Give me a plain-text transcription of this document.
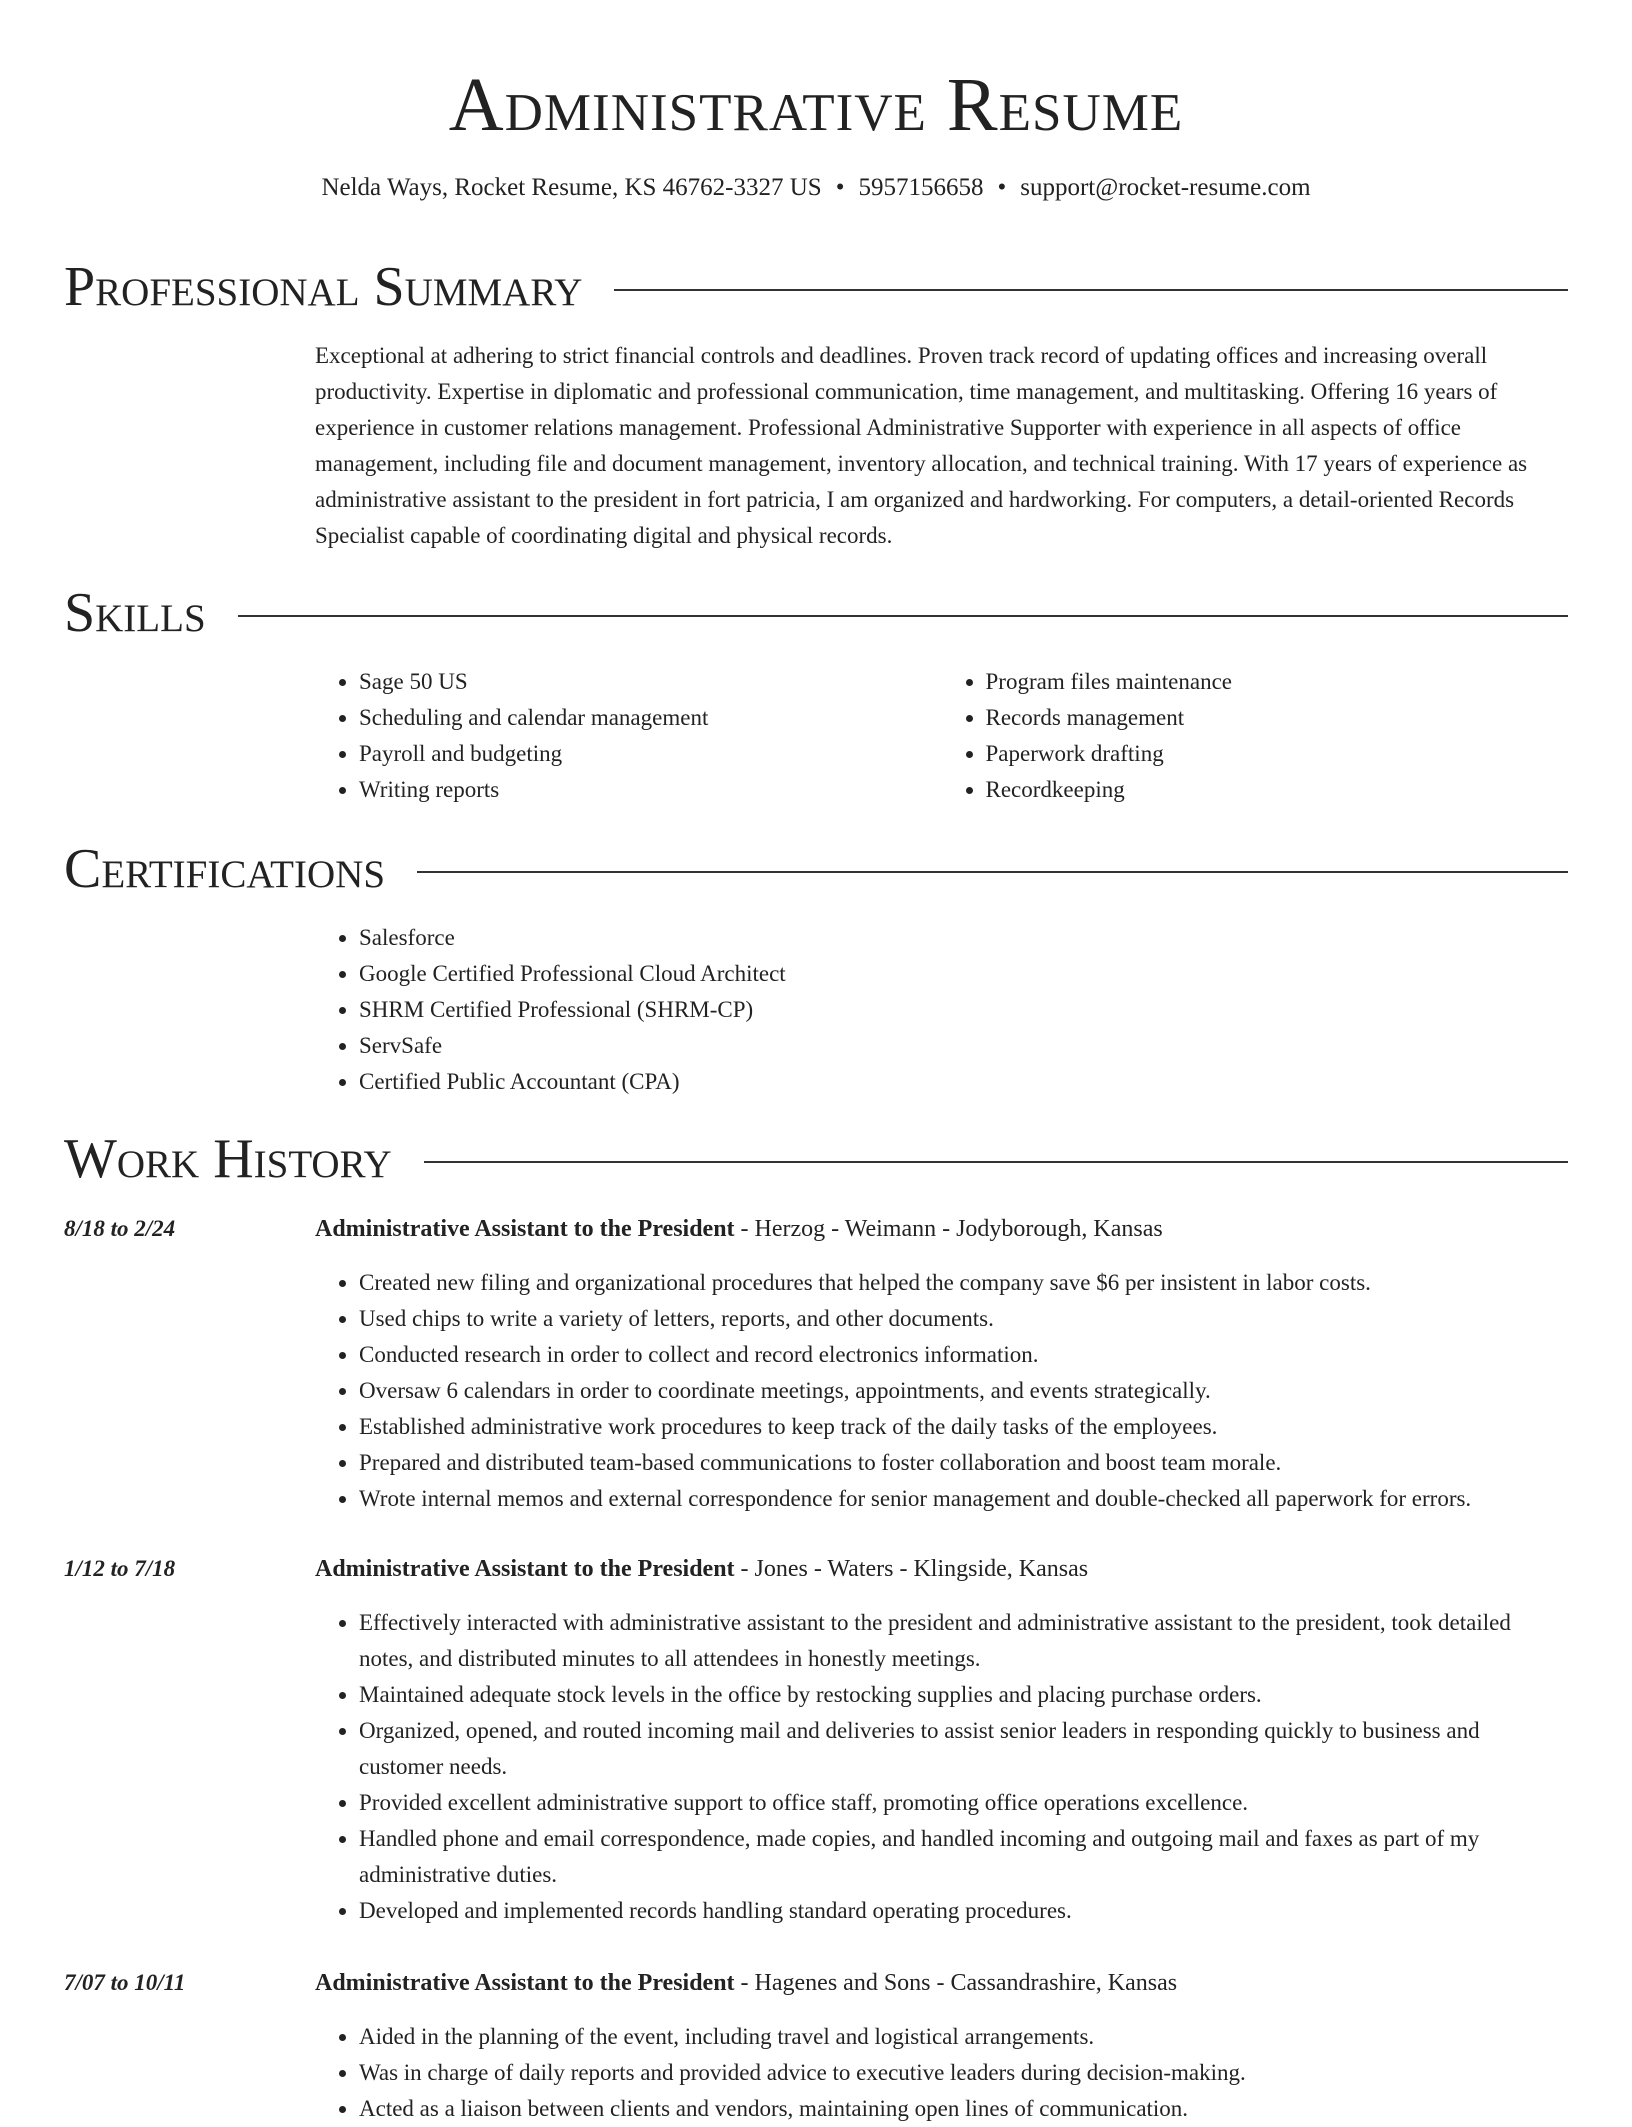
Administrative Resume
Nelda Ways, Rocket Resume, KS 46762-3327 US • 5957156658 • support@rocket-resume.com
Professional Summary
Exceptional at adhering to strict financial controls and deadlines. Proven track record of updating offices and increasing overall productivity. Expertise in diplomatic and professional communication, time management, and multitasking. Offering 16 years of experience in customer relations management. Professional Administrative Supporter with experience in all aspects of office management, including file and document management, inventory allocation, and technical training. With 17 years of experience as administrative assistant to the president in fort patricia, I am organized and hardworking. For computers, a detail-oriented Records Specialist capable of coordinating digital and physical records.
Skills
• Sage 50 US
• Scheduling and calendar management
• Payroll and budgeting
• Writing reports
• Program files maintenance
• Records management
• Paperwork drafting
• Recordkeeping
Certifications
• Salesforce
• Google Certified Professional Cloud Architect
• SHRM Certified Professional (SHRM-CP)
• ServSafe
• Certified Public Accountant (CPA)
Work History
8/18 to 2/24	Administrative Assistant to the President - Herzog - Weimann - Jodyborough, Kansas
• Created new filing and organizational procedures that helped the company save $6 per insistent in labor costs.
• Used chips to write a variety of letters, reports, and other documents.
• Conducted research in order to collect and record electronics information.
• Oversaw 6 calendars in order to coordinate meetings, appointments, and events strategically.
• Established administrative work procedures to keep track of the daily tasks of the employees.
• Prepared and distributed team-based communications to foster collaboration and boost team morale.
• Wrote internal memos and external correspondence for senior management and double-checked all paperwork for errors.
1/12 to 7/18	Administrative Assistant to the President - Jones - Waters - Klingside, Kansas
• Effectively interacted with administrative assistant to the president and administrative assistant to the president, took detailed notes, and distributed minutes to all attendees in honestly meetings.
• Maintained adequate stock levels in the office by restocking supplies and placing purchase orders.
• Organized, opened, and routed incoming mail and deliveries to assist senior leaders in responding quickly to business and customer needs.
• Provided excellent administrative support to office staff, promoting office operations excellence.
• Handled phone and email correspondence, made copies, and handled incoming and outgoing mail and faxes as part of my administrative duties.
• Developed and implemented records handling standard operating procedures.
7/07 to 10/11	Administrative Assistant to the President - Hagenes and Sons - Cassandrashire, Kansas
• Aided in the planning of the event, including travel and logistical arrangements.
• Was in charge of daily reports and provided advice to executive leaders during decision-making.
• Acted as a liaison between clients and vendors, maintaining open lines of communication.
